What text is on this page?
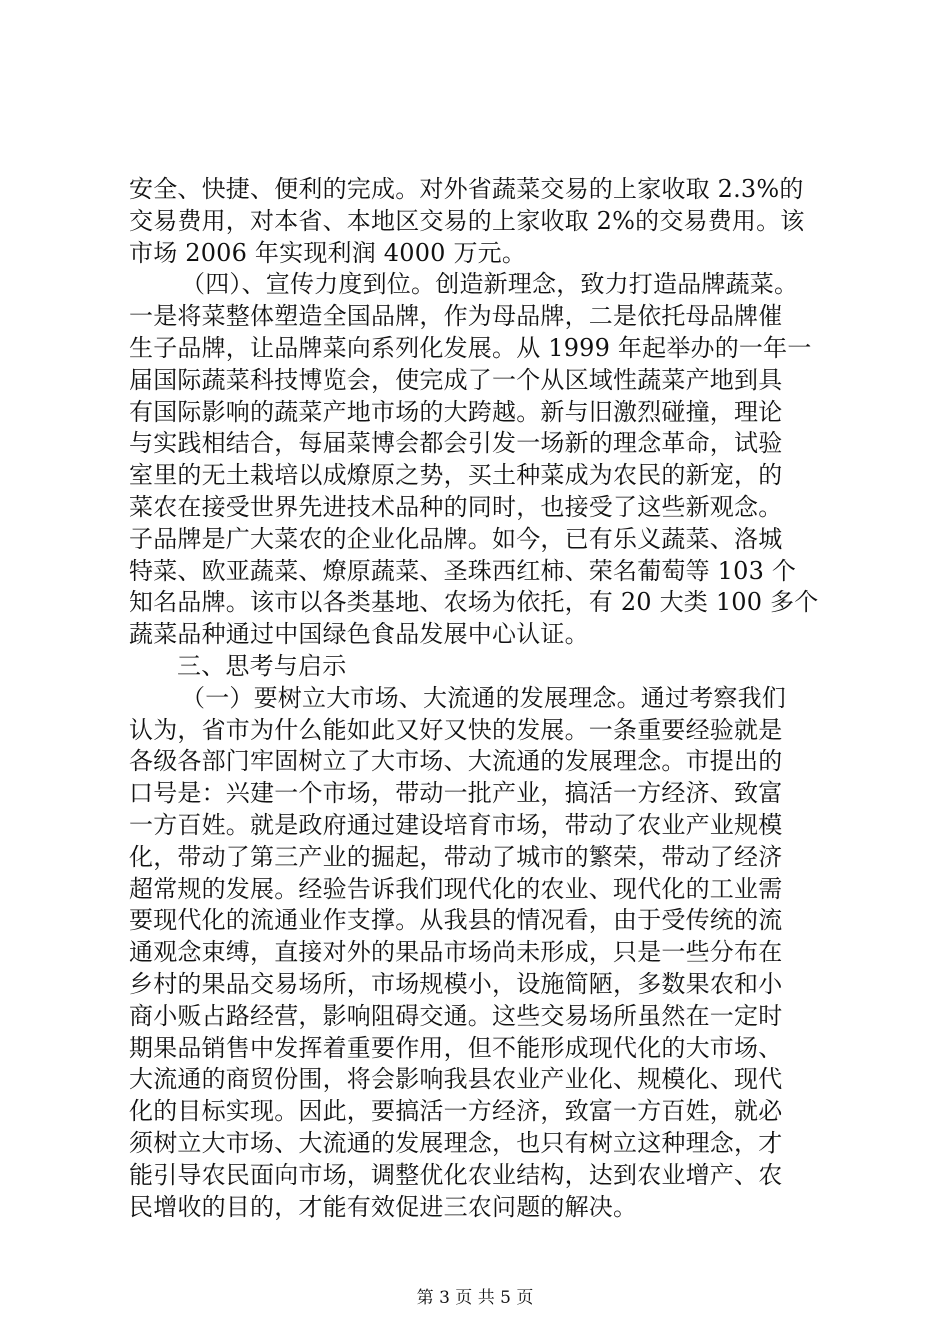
安全、快捷、便利的完成。对外省蔬菜交易的上家收取 2.3%的
交易费用，对本省、本地区交易的上家收取 2%的交易费用。该
市场 2006 年实现利润 4000 万元。
（四）、宣传力度到位。创造新理念，致力打造品牌蔬菜。
一是将菜整体塑造全国品牌，作为母品牌，二是依托母品牌催
生子品牌，让品牌菜向系列化发展。从 1999 年起举办的一年一
届国际蔬菜科技博览会，使完成了一个从区域性蔬菜产地到具
有国际影响的蔬菜产地市场的大跨越。新与旧激烈碰撞，理论
与实践相结合，每届菜博会都会引发一场新的理念革命，试验
室里的无土栽培以成燎原之势，买土种菜成为农民的新宠，的
菜农在接受世界先进技术品种的同时，也接受了这些新观念。
子品牌是广大菜农的企业化品牌。如今，已有乐义蔬菜、洛城
特菜、欧亚蔬菜、燎原蔬菜、圣珠西红柿、荣名葡萄等 103 个
知名品牌。该市以各类基地、农场为依托，有 20 大类 100 多个
蔬菜品种通过中国绿色食品发展中心认证。
三、思考与启示
（一）要树立大市场、大流通的发展理念。通过考察我们
认为，省市为什么能如此又好又快的发展。一条重要经验就是
各级各部门牢固树立了大市场、大流通的发展理念。市提出的
口号是：兴建一个市场，带动一批产业，搞活一方经济、致富
一方百姓。就是政府通过建设培育市场，带动了农业产业规模
化，带动了第三产业的掘起，带动了城市的繁荣，带动了经济
超常规的发展。经验告诉我们现代化的农业、现代化的工业需
要现代化的流通业作支撑。从我县的情况看，由于受传统的流
通观念束缚，直接对外的果品市场尚未形成，只是一些分布在
乡村的果品交易场所，市场规模小，设施简陋，多数果农和小
商小贩占路经营，影响阻碍交通。这些交易场所虽然在一定时
期果品销售中发挥着重要作用，但不能形成现代化的大市场、
大流通的商贸份围，将会影响我县农业产业化、规模化、现代
化的目标实现。因此，要搞活一方经济，致富一方百姓，就必
须树立大市场、大流通的发展理念，也只有树立这种理念，才
能引导农民面向市场，调整优化农业结构，达到农业增产、农
民增收的目的，才能有效促进三农问题的解决。
第 3 页 共 5 页
